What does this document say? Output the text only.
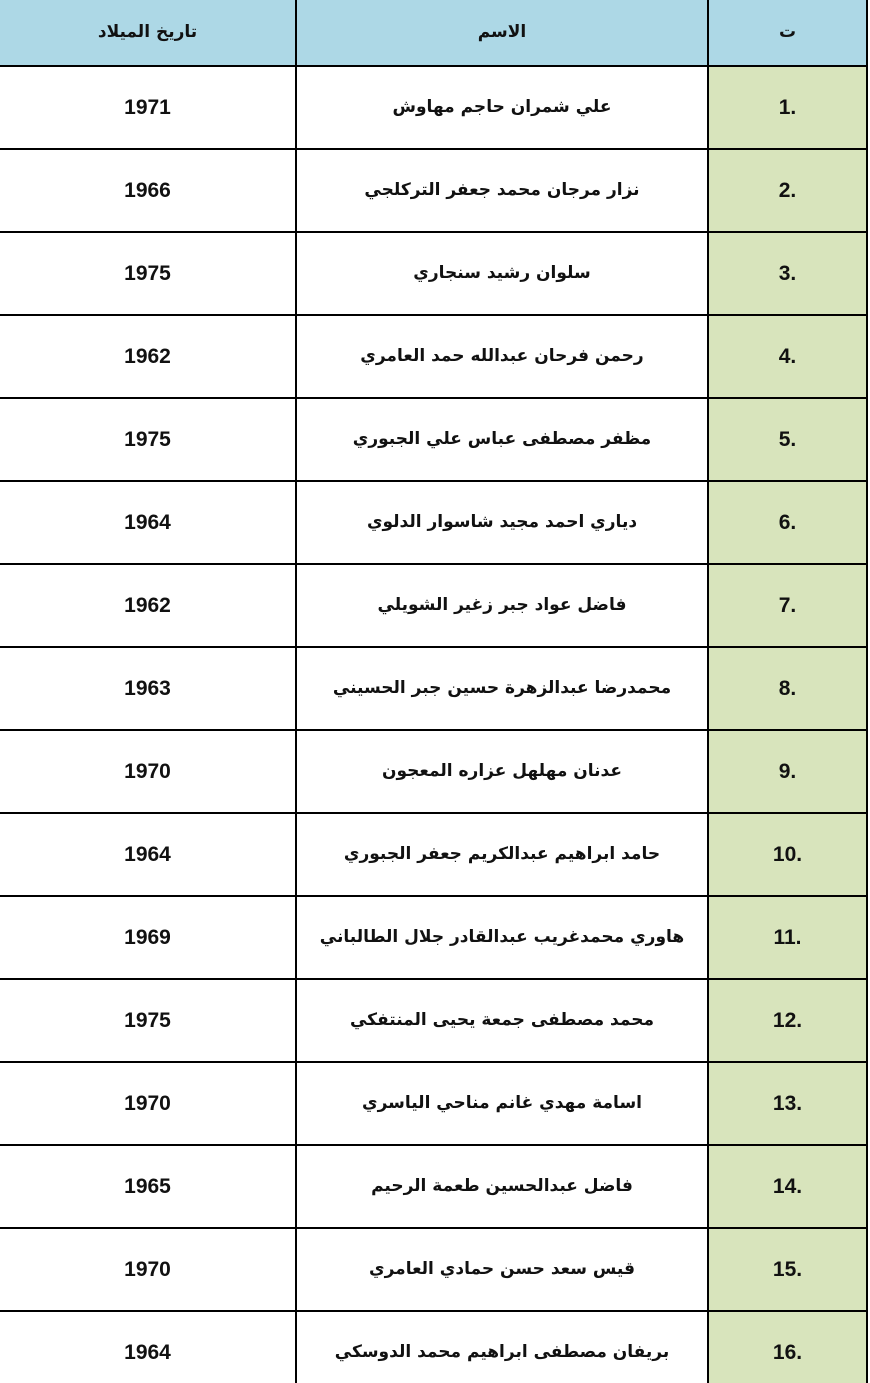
تاريخ الميلاد	الاسم	ت
1971	علي شمران حاجم مهاوش	1.
1966	نزار مرجان محمد جعفر التركلجي	2.
1975	سلوان رشيد سنجاري	3.
1962	رحمن فرحان عبدالله حمد العامري	4.
1975	مظفر مصطفى عباس علي الجبوري	5.
1964	دياري احمد مجيد شاسوار الدلوي	6.
1962	فاضل عواد جبر زغير الشويلي	7.
1963	محمدرضا عبدالزهرة حسين جبر الحسيني	8.
1970	عدنان مهلهل عزاره المعجون	9.
1964	حامد ابراهيم عبدالكريم جعفر الجبوري	10.
1969	هاوري محمدغريب عبدالقادر جلال الطالباني	11.
1975	محمد مصطفى جمعة يحيى المنتفكي	12.
1970	اسامة مهدي غانم مناحي الياسري	13.
1965	فاضل عبدالحسين طعمة الرحيم	14.
1970	قيس سعد حسن حمادي العامري	15.
1964	بريفان مصطفى ابراهيم محمد الدوسكي	16.
